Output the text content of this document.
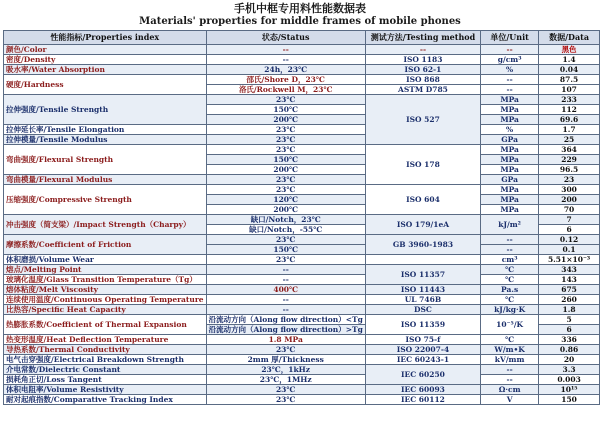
手机中框专用料性能数据表
Materials' properties for middle frames of mobile phones
性能指标/Properties index	状态/Status	测试方法/Testing method	单位/Unit	数据/Data
颜色/Color	--	--	--	黑色
密度/Density	--	ISO 1183	g/cm³	1.4
吸水率/Water Absorption	24h，23℃	ISO 62-1	%	0.04
硬度/Hardness	邵氏/Shore D，23℃	ISO 868	--	87.5
	洛氏/Rockwell M，23℃	ASTM D785	--	107
拉伸强度/Tensile Strength	23℃	ISO 527	MPa	233
	150℃		MPa	112
	200℃		MPa	69.6
拉伸延长率/Tensile Elongation	23℃		%	1.7
拉伸模量/Tensile Modulus	23℃		GPa	25
弯曲强度/Flexural Strength	23℃	ISO 178	MPa	364
	150℃		MPa	229
	200℃		MPa	96.5
弯曲模量/Flexural Modulus	23℃		GPa	23
压缩强度/Compressive Strength	23℃	ISO 604	MPa	300
	120℃		MPa	200
	200℃		MPa	70
冲击强度（简支梁）/Impact Strength（Charpy）	缺口/Notch，23℃	ISO 179/1eA	kJ/m²	7
	缺口/Notch，-55℃			6
摩擦系数/Coefficient of Friction	23℃	GB 3960-1983	--	0.12

	150℃		--	0.1
体积磨损/Volume Wear	23℃		cm³	5.51×10⁻³
熔点/Melting Point	--	ISO 11357	℃	343
玻璃化温度/Glass Transition Temperature（Tg）	--		℃	143
熔体粘度/Melt Viscosity	400℃	ISO 11443	Pa.s	675
连续使用温度/Continuous Operating Temperature	--	UL 746B	℃	260
比热容/Specific Heat Capacity	--	DSC	kJ/kg·K	1.8
热膨胀系数/Coefficient of Thermal Expansion	沿流动方向（Along flow direction）<Tg	ISO 11359	10⁻⁵/K	5
	沿流动方向（Along flow direction）>Tg			6
热变形温度/Heat Deflection Temperature	1.8 MPa	ISO 75-f	℃	336
导热系数/Thermal Conductivity	23℃	ISO 22007-4	W/m•K	0.86
电气击穿强度/Electrical Breakdown Strength	2mm 厚/Thickness	IEC 60243-1	kV/mm	20
介电常数/Dielectric Constant	23℃，1kHz	IEC 60250	--	3.3
损耗角正切/Loss Tangent	23℃，1MHz		--	0.003
体积电阻率/Volume Resistivity	23℃	IEC 60093	Ω·cm	10¹⁵
耐对起痕指数/Comparative Tracking Index	23℃	IEC 60112	V	150
